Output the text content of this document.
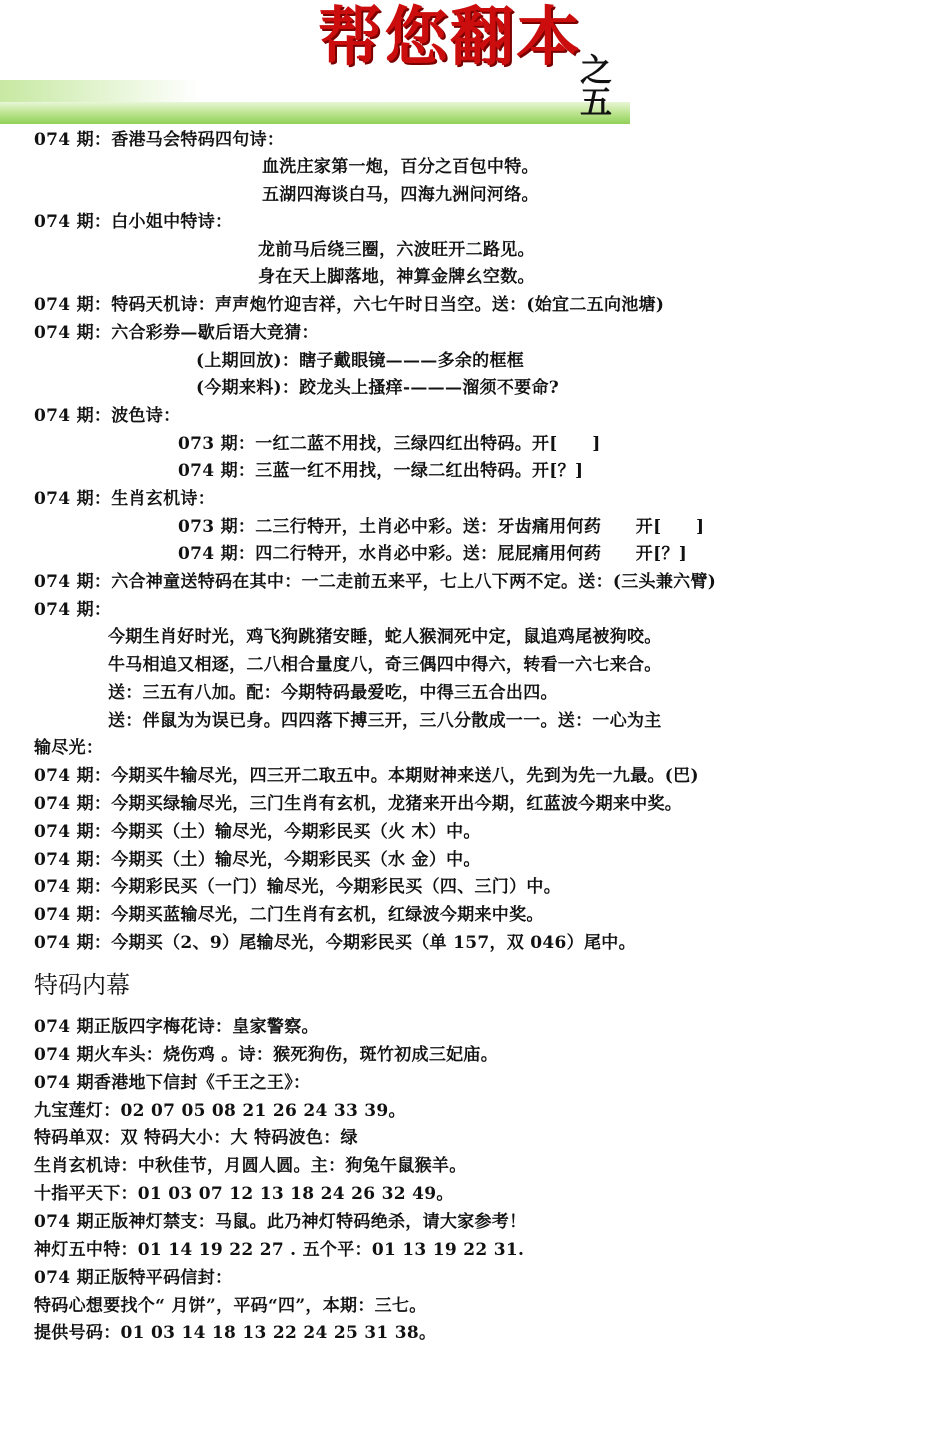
帮您翻本
之五
074 期：香港马会特码四句诗：
血洗庄家第一炮，百分之百包中特。
五湖四海谈白马，四海九洲问河络。
074 期：白小姐中特诗：
龙前马后绕三圈，六波旺开二路见。
身在天上脚落地，神算金牌幺空数。
074 期：特码天机诗：声声炮竹迎吉祥，六七午时日当空。送：(始宜二五向池塘)
074 期：六合彩券—歇后语大竞猜：
(上期回放)：瞎子戴眼镜———多余的框框
(今期来料)：跤龙头上搔痒-———溜须不要命?
074 期：波色诗：
073 期：一红二蓝不用找，三绿四红出特码。开[　　]
074 期：三蓝一红不用找，一绿二红出特码。开[？]
074 期：生肖玄机诗：
073 期：二三行特开，土肖必中彩。送：牙齿痛用何药　　开[　　]
074 期：四二行特开，水肖必中彩。送：屁屁痛用何药　　开[？]
074 期：六合神童送特码在其中：一二走前五来平，七上八下两不定。送：(三头兼六臂)
074 期：
今期生肖好时光，鸡飞狗跳猪安睡，蛇人猴洞死中定，鼠追鸡尾被狗咬。
牛马相追又相逐，二八相合量度八，奇三偶四中得六，转看一六七来合。
送：三五有八加。配：今期特码最爱吃，中得三五合出四。
送：伴鼠为为误已身。四四落下搏三开，三八分散成一一。送：一心为主
输尽光：
074 期：今期买牛输尽光，四三开二取五中。本期财神来送八，先到为先一九最。(巴)
074 期：今期买绿输尽光，三门生肖有玄机，龙猪来开出今期，红蓝波今期来中奖。
074 期：今期买（土）输尽光，今期彩民买（火 木）中。
074 期：今期买（土）输尽光，今期彩民买（水 金）中。
074 期：今期彩民买（一门）输尽光，今期彩民买（四、三门）中。
074 期：今期买蓝输尽光，二门生肖有玄机，红绿波今期来中奖。
074 期：今期买（2、9）尾输尽光，今期彩民买（单 157，双 046）尾中。
特码内幕
074 期正版四字梅花诗：皇家警察。
074 期火车头：烧伤鸡 。诗：猴死狗伤，斑竹初成三妃庙。
074 期香港地下信封《千王之王》：
九宝莲灯：02 07 05 08 21 26 24 33 39。
特码单双：双 特码大小：大 特码波色：绿
生肖玄机诗：中秋佳节，月圆人圆。主：狗兔午鼠猴羊。
十指平天下：01 03 07 12 13 18 24 26 32 49。
074 期正版神灯禁支：马鼠。此乃神灯特码绝杀，请大家参考！
神灯五中特：01 14 19 22 27 . 五个平：01 13 19 22 31.
074 期正版特平码信封：
特码心想要找个“ 月饼”，平码“四”，本期：三七。
提供号码：01 03 14 18 13 22 24 25 31 38。
